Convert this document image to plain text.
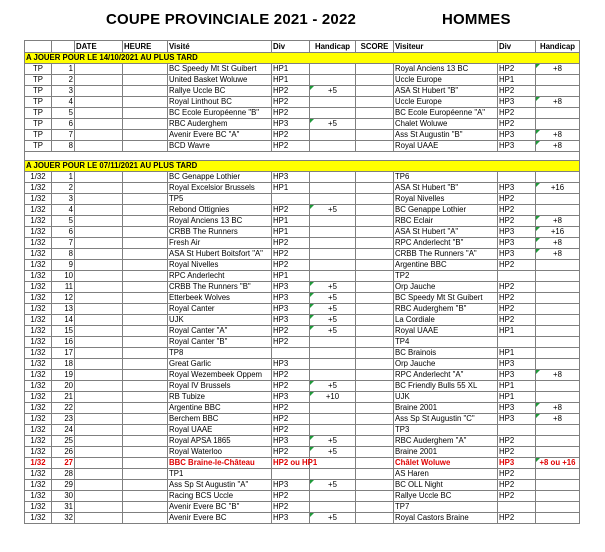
COUPE PROVINCIALE 2021 - 2022	HOMMES
		DATE	HEURE	Visité	Div	Handicap	SCORE	Visiteur	Div	Handicap
A JOUER POUR LE 14/10/2021 AU PLUS TARD										
TP	1			BC Speedy Mt St Guibert	HP1			Royal Anciens 13 BC	HP2	+8
TP	2			United Basket Woluwe	HP1			Uccle Europe	HP1	
TP	3			Rallye Uccle BC	HP2	+5		ASA St Hubert "B"	HP2	
TP	4			Royal Linthout BC	HP2			Uccle Europe	HP3	+8
TP	5			BC Ecole Européenne "B"	HP2			BC Ecole Européenne "A"	HP2	
TP	6			RBC Auderghem	HP3	+5		Chalet Woluwe	HP2	
TP	7			Avenir Evere BC "A"	HP2			Ass St Augustin "B"	HP3	+8
TP	8			BCD Wavre	HP2			Royal UAAE	HP3	+8

A JOUER POUR LE 07/11/2021 AU PLUS TARD										
1/32	1			BC Genappe Lothier	HP3			TP6		
1/32	2			Royal Excelsior Brussels	HP1			ASA St Hubert "B"	HP3	+16
1/32	3			TP5				Royal Nivelles	HP2	
1/32	4			Rebond Ottignies	HP2	+5		BC Genappe Lothier	HP2	
1/32	5			Royal Anciens 13 BC	HP1			RBC Eclair	HP2	+8
1/32	6			CRBB The Runners	HP1			ASA St Hubert "A"	HP3	+16
1/32	7			Fresh Air	HP2			RPC Anderlecht "B"	HP3	+8
1/32	8			ASA St Hubert Boitsfort "A"	HP2			CRBB The Runners "A"	HP3	+8
1/32	9			Royal Nivelles	HP2			Argentine BBC	HP2	
1/32	10			RPC Anderlecht	HP1			TP2		
1/32	11			CRBB The Runners "B"	HP3	+5		Orp Jauche	HP2	
1/32	12			Etterbeek Wolves	HP3	+5		BC Speedy Mt St Guibert	HP2	
1/32	13			Royal Canter	HP3	+5		RBC Auderghem "B"	HP2	
1/32	14			UJK	HP3	+5		La Cordiale	HP2	
1/32	15			Royal Canter "A"	HP2	+5		Royal UAAE	HP1	
1/32	16			Royal Canter "B"	HP2			TP4		
1/32	17			TP8				BC Brainois	HP1	
1/32	18			Great Garlic	HP3			Orp Jauche	HP3	
1/32	19			Royal Wezembeek Oppem	HP2			RPC Anderlecht "A"	HP3	+8
1/32	20			Royal IV Brussels	HP2	+5		BC Friendly Bulls 55 XL	HP1	
1/32	21			RB Tubize	HP3	+10		UJK	HP1	
1/32	22			Argentine BBC	HP2			Braine 2001	HP3	+8
1/32	23			Berchem BBC	HP2			Ass Sp St Augustin "C"	HP3	+8
1/32	24			Royal UAAE	HP2			TP3		
1/32	25			Royal APSA 1865	HP3	+5		RBC Auderghem "A"	HP2	
1/32	26			Royal Waterloo	HP2	+5		Braine 2001	HP2	
1/32	27			BBC Braine-le-Château	HP2 ou HP1			Châlet Woluwe	HP3	+8 ou +16
1/32	28			TP1				AS Haren	HP2	
1/32	29			Ass Sp St Augustin "A"	HP3	+5		BC OLL Night	HP2	
1/32	30			Racing BCS Uccle	HP2			Rallye Uccle BC	HP2	
1/32	31			Avenir Evere BC "B"	HP2			TP7		
1/32	32			Avenir Evere BC	HP3	+5		Royal Castors Braine	HP2	
